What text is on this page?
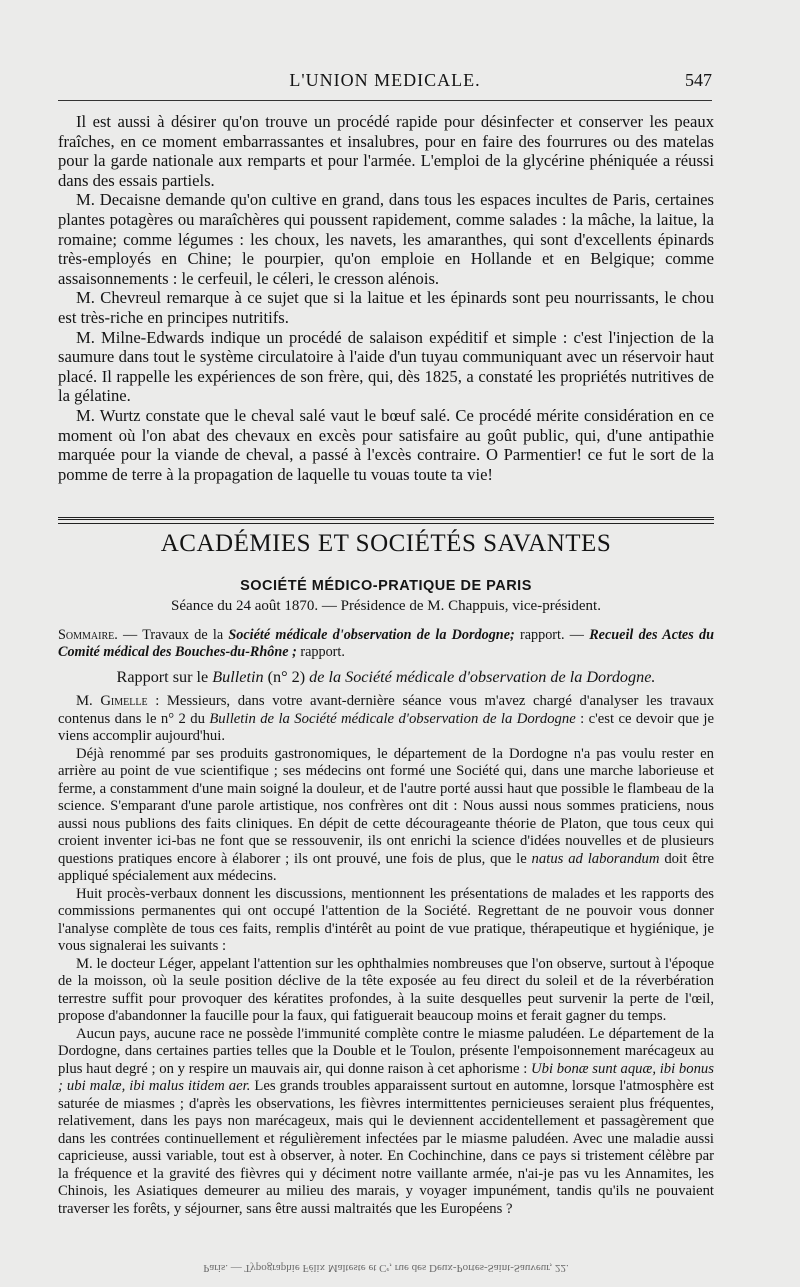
L'UNION MEDICALE.	547

Il est aussi à désirer qu'on trouve un procédé rapide pour désinfecter et conserver les peaux fraîches, en ce moment embarrassantes et insalubres, pour en faire des fourrures ou des matelas pour la garde nationale aux remparts et pour l'armée. L'emploi de la glycérine phéniquée a réussi dans des essais partiels.

M. Decaisne demande qu'on cultive en grand, dans tous les espaces incultes de Paris, certaines plantes potagères ou maraîchères qui poussent rapidement, comme salades : la mâche, la laitue, la romaine; comme légumes : les choux, les navets, les amaranthes, qui sont d'excellents épinards très-employés en Chine; le pourpier, qu'on emploie en Hollande et en Belgique; comme assaisonnements : le cerfeuil, le céleri, le cresson alénois.

M. Chevreul remarque à ce sujet que si la laitue et les épinards sont peu nourrissants, le chou est très-riche en principes nutritifs.

M. Milne-Edwards indique un procédé de salaison expéditif et simple : c'est l'injection de la saumure dans tout le système circulatoire à l'aide d'un tuyau communiquant avec un réservoir haut placé. Il rappelle les expériences de son frère, qui, dès 1825, a constaté les propriétés nutritives de la gélatine.

M. Wurtz constate que le cheval salé vaut le bœuf salé. Ce procédé mérite considération en ce moment où l'on abat des chevaux en excès pour satisfaire au goût public, qui, d'une antipathie marquée pour la viande de cheval, a passé à l'excès contraire. O Parmentier! ce fut le sort de la pomme de terre à la propagation de laquelle tu vouas toute ta vie!

ACADÉMIES ET SOCIÉTÉS SAVANTES
SOCIÉTÉ MÉDICO-PRATIQUE DE PARIS
Séance du 24 août 1870. — Présidence de M. Chappuis, vice-président.
Sommaire. — Travaux de la Société médicale d'observation de la Dordogne; rapport. — Recueil des Actes du Comité médical des Bouches-du-Rhône ; rapport.
Rapport sur le Bulletin (n° 2) de la Société médicale d'observation de la Dordogne.

M. Gimelle : Messieurs, dans votre avant-dernière séance vous m'avez chargé d'analyser les travaux contenus dans le n° 2 du Bulletin de la Société médicale d'observation de la Dordogne : c'est ce devoir que je viens accomplir aujourd'hui.

Déjà renommé par ses produits gastronomiques, le département de la Dordogne n'a pas voulu rester en arrière au point de vue scientifique ; ses médecins ont formé une Société qui, dans une marche laborieuse et ferme, a constamment d'une main soigné la douleur, et de l'autre porté aussi haut que possible le flambeau de la science. S'emparant d'une parole artistique, nos confrères ont dit : Nous aussi nous sommes praticiens, nous aussi nous publions des faits cliniques. En dépit de cette décourageante théorie de Platon, que tous ceux qui croient inventer ici-bas ne font que se ressouvenir, ils ont enrichi la science d'idées nouvelles et de plusieurs questions pratiques encore à élaborer ; ils ont prouvé, une fois de plus, que le natus ad laborandum doit être appliqué spécialement aux médecins.

Huit procès-verbaux donnent les discussions, mentionnent les présentations de malades et les rapports des commissions permanentes qui ont occupé l'attention de la Société. Regrettant de ne pouvoir vous donner l'analyse complète de tous ces faits, remplis d'intérêt au point de vue pratique, thérapeutique et hygiénique, je vous signalerai les suivants :

M. le docteur Léger, appelant l'attention sur les ophthalmies nombreuses que l'on observe, surtout à l'époque de la moisson, où la seule position déclive de la tête exposée au feu direct du soleil et de la réverbération terrestre suffit pour provoquer des kératites profondes, à la suite desquelles peut survenir la perte de l'œil, propose d'abandonner la faucille pour la faux, qui fatiguerait beaucoup moins et ferait gagner du temps.

Aucun pays, aucune race ne possède l'immunité complète contre le miasme paludéen. Le département de la Dordogne, dans certaines parties telles que la Double et le Toulon, présente l'empoisonnement marécageux au plus haut degré ; on y respire un mauvais air, qui donne raison à cet aphorisme : Ubi bonæ sunt aquæ, ibi bonus ; ubi malæ, ibi malus itidem aer. Les grands troubles apparaissent surtout en automne, lorsque l'atmosphère est saturée de miasmes ; d'après les observations, les fièvres intermittentes pernicieuses seraient plus fréquentes, relativement, dans les pays non marécageux, mais qui le deviennent accidentellement et passagèrement que dans les contrées continuellement et régulièrement infectées par le miasme paludéen. Avec une maladie aussi capricieuse, aussi variable, tout est à observer, à noter. En Cochinchine, dans ce pays si tristement célèbre par la fréquence et la gravité des fièvres qui y déciment notre vaillante armée, n'ai-je pas vu les Annamites, les Chinois, les Asiatiques demeurer au milieu des marais, y voyager impunément, tandis qu'ils ne pouvaient traverser les forêts, y séjourner, sans être aussi maltraités que les Européens ?

Paris. — Typographie Félix Malteste et Cᵉ, rue des Deux-Portes-Saint-Sauveur, 22.
